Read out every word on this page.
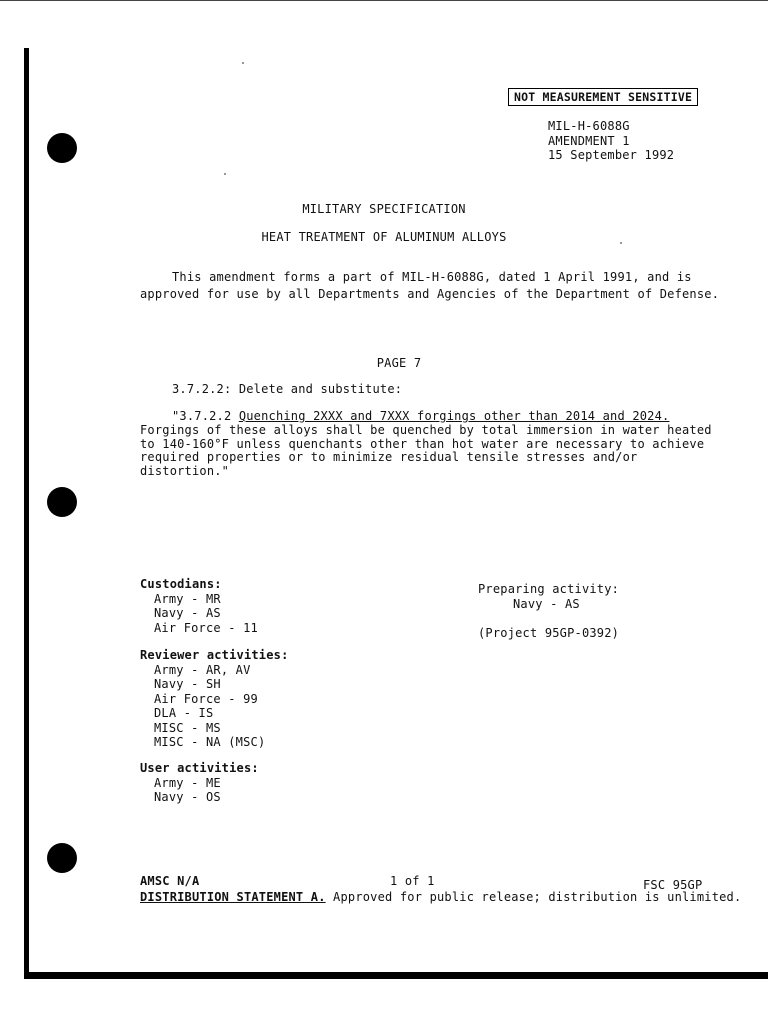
NOT MEASUREMENT SENSITIVE
MIL-H-6088G
AMENDMENT 1
15 September 1992
MILITARY SPECIFICATION
HEAT TREATMENT OF ALUMINUM ALLOYS
This amendment forms a part of MIL-H-6088G, dated 1 April 1991, and is
approved for use by all Departments and Agencies of the Department of Defense.
PAGE 7
3.7.2.2: Delete and substitute:
"3.7.2.2 Quenching 2XXX and 7XXX forgings other than 2014 and 2024.
Forgings of these alloys shall be quenched by total immersion in water heated
to 140-160°F unless quenchants other than hot water are necessary to achieve
required properties or to minimize residual tensile stresses and/or
distortion."
Custodians:
Army - MR
Navy - AS
Air Force - 11
Preparing activity:
Navy - AS
(Project 95GP-0392)
Reviewer activities:
Army - AR, AV
Navy - SH
Air Force - 99
DLA - IS
MISC - MS
MISC - NA (MSC)
User activities:
Army - ME
Navy - OS
AMSC N/A	1 of 1	FSC 95GP
DISTRIBUTION STATEMENT A. Approved for public release; distribution is unlimited.
